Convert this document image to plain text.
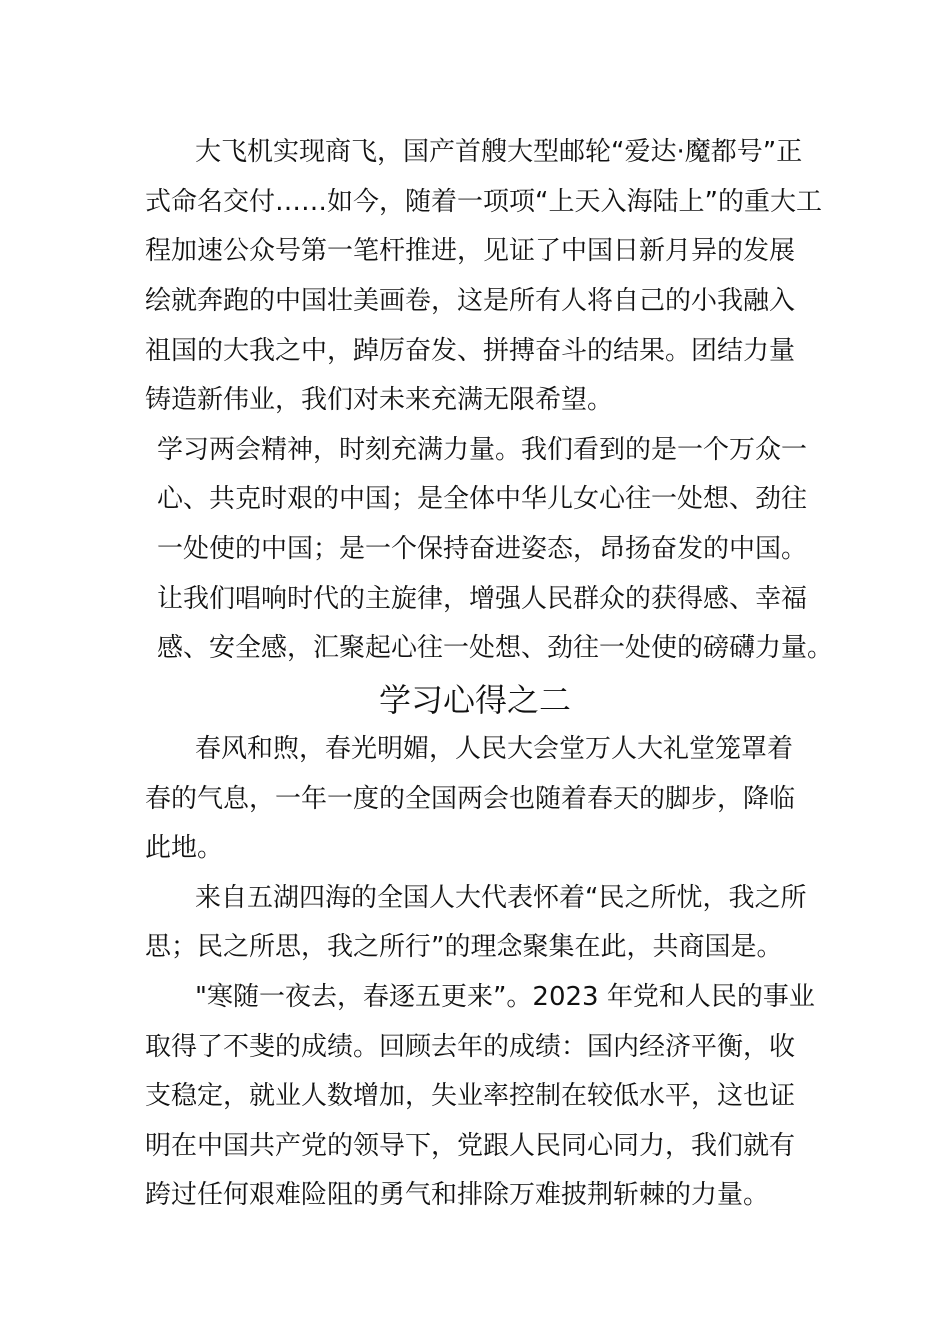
大飞机实现商飞，国产首艘大型邮轮“爱达·魔都号”正
式命名交付……如今，随着一项项“上天入海陆上”的重大工
程加速公众号第一笔杆推进，见证了中国日新月异的发展
绘就奔跑的中国壮美画卷，这是所有人将自己的小我融入
祖国的大我之中，踔厉奋发、拼搏奋斗的结果。团结力量
铸造新伟业，我们对未来充满无限希望。
学习两会精神，时刻充满力量。我们看到的是一个万众一
心、共克时艰的中国；是全体中华儿女心往一处想、劲往
一处使的中国；是一个保持奋进姿态，昂扬奋发的中国。
让我们唱响时代的主旋律，增强人民群众的获得感、幸福
感、安全感，汇聚起心往一处想、劲往一处使的磅礴力量。
学习心得之二
春风和煦，春光明媚，人民大会堂万人大礼堂笼罩着
春的气息，一年一度的全国两会也随着春天的脚步，降临
此地。
来自五湖四海的全国人大代表怀着“民之所忧，我之所
思；民之所思，我之所行”的理念聚集在此，共商国是。
"寒随一夜去，春逐五更来”。2023 年党和人民的事业
取得了不斐的成绩。回顾去年的成绩：国内经济平衡，收
支稳定，就业人数增加，失业率控制在较低水平，这也证
明在中国共产党的领导下，党跟人民同心同力，我们就有
跨过任何艰难险阻的勇气和排除万难披荆斩棘的力量。
